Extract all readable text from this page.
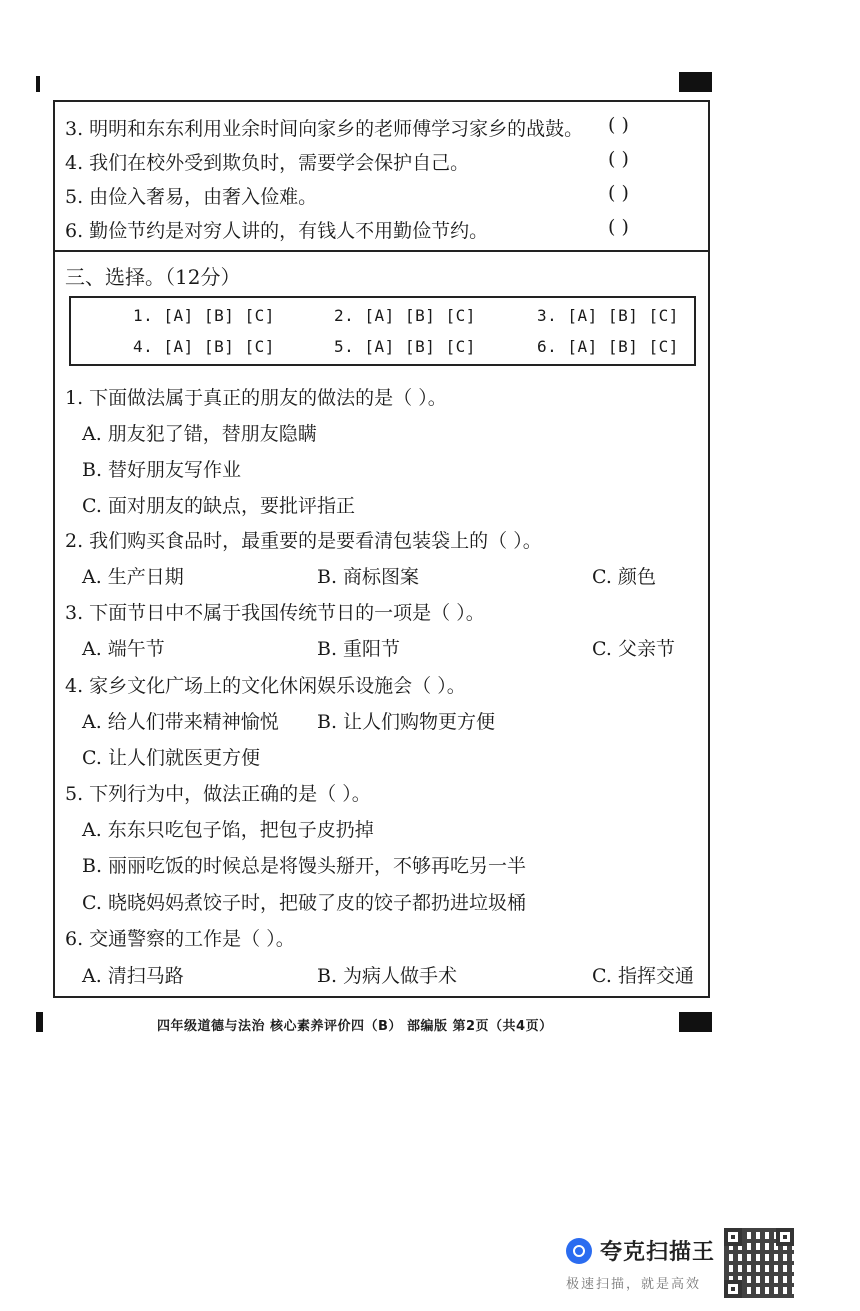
3. 明明和东东利用业余时间向家乡的老师傅学习家乡的战鼓。 ( )
4. 我们在校外受到欺负时，需要学会保护自己。	( )
5. 由俭入奢易，由奢入俭难。	( )
6. 勤俭节约是对穷人讲的，有钱人不用勤俭节约。	( )
三、选择。（12分）
1. [A] [B] [C]	2. [A] [B] [C]	3. [A] [B] [C]
4. [A] [B] [C]	5. [A] [B] [C]	6. [A] [B] [C]
1. 下面做法属于真正的朋友的做法的是（ ）。
A. 朋友犯了错，替朋友隐瞒
B. 替好朋友写作业
C. 面对朋友的缺点，要批评指正
2. 我们购买食品时，最重要的是要看清包装袋上的（ ）。
A. 生产日期	B. 商标图案	C. 颜色
3. 下面节日中不属于我国传统节日的一项是（ ）。
A. 端午节	B. 重阳节	C. 父亲节
4. 家乡文化广场上的文化休闲娱乐设施会（ ）。
A. 给人们带来精神愉悦 B. 让人们购物更方便
C. 让人们就医更方便
5. 下列行为中，做法正确的是（ ）。
A. 东东只吃包子馅，把包子皮扔掉
B. 丽丽吃饭的时候总是将馒头掰开，不够再吃另一半
C. 晓晓妈妈煮饺子时，把破了皮的饺子都扔进垃圾桶
6. 交通警察的工作是（ ）。
A. 清扫马路	B. 为病人做手术	C. 指挥交通
四年级道德与法治 核心素养评价四（B） 部编版 第2页（共4页）
夸克扫描王
极速扫描，就是高效
